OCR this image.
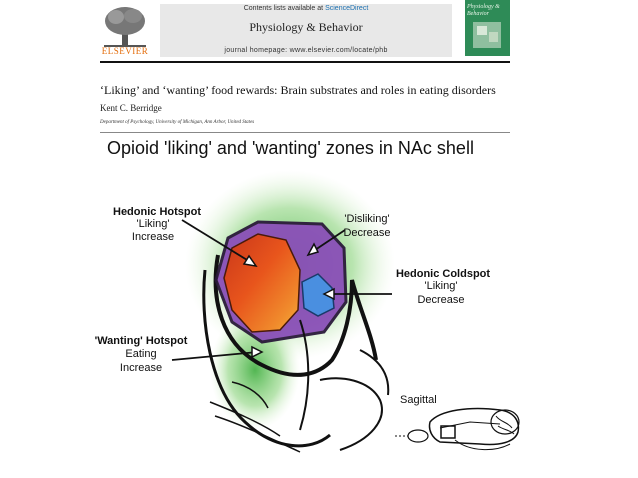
ELSEVIER
Contents lists available at ScienceDirect
Physiology & Behavior
journal homepage: www.elsevier.com/locate/phb
Physiology & Behavior
‘Liking’ and ‘wanting’ food rewards: Brain substrates and roles in eating disorders
Kent C. Berridge
Department of Psychology, University of Michigan, Ann Arbor, United States
Opioid 'liking' and 'wanting' zones in NAc shell
Hedonic Hotspot
'Liking'
Increase
'Disliking'
Decrease
Hedonic Coldspot
'Liking'
Decrease
'Wanting' Hotspot
Eating
Increase
Sagittal
